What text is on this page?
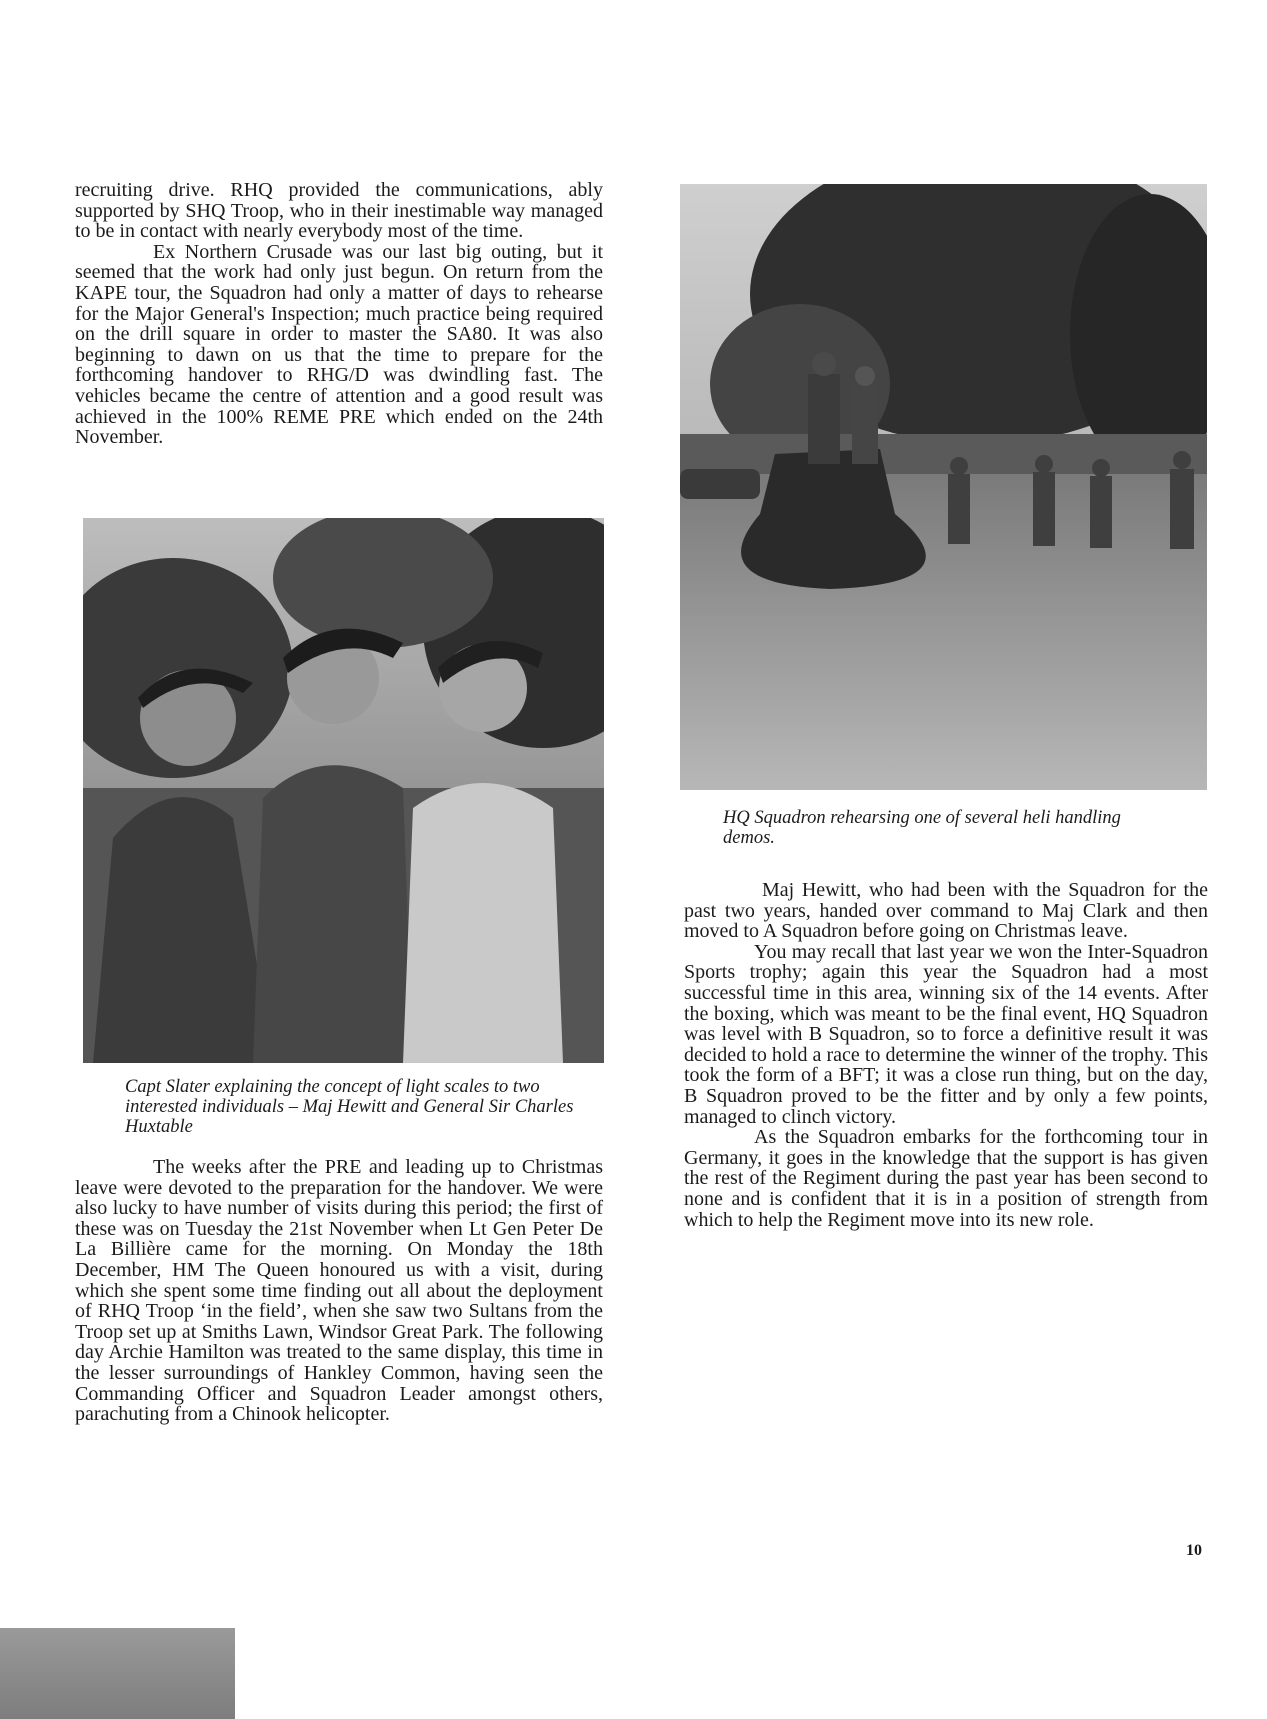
recruiting drive. RHQ provided the communications, ably supported by SHQ Troop, who in their inestimable way managed to be in contact with nearly everybody most of the time.

Ex Northern Crusade was our last big outing, but it seemed that the work had only just begun. On return from the KAPE tour, the Squadron had only a matter of days to rehearse for the Major General's Inspection; much practice being required on the drill square in order to master the SA80. It was also beginning to dawn on us that the time to prepare for the forthcoming handover to RHG/D was dwindling fast. The vehicles became the centre of attention and a good result was achieved in the 100% REME PRE which ended on the 24th November.

HQ Squadron rehearsing one of several heli handling demos.
Capt Slater explaining the concept of light scales to two interested individuals – Maj Hewitt and General Sir Charles Huxtable

The weeks after the PRE and leading up to Christmas leave were devoted to the preparation for the handover. We were also lucky to have number of visits during this period; the first of these was on Tuesday the 21st November when Lt Gen Peter De La Billière came for the morning. On Monday the 18th December, HM The Queen honoured us with a visit, during which she spent some time finding out all about the deployment of RHQ Troop ‘in the field’, when she saw two Sultans from the Troop set up at Smiths Lawn, Windsor Great Park. The following day Archie Hamilton was treated to the same display, this time in the lesser surroundings of Hankley Common, having seen the Commanding Officer and Squadron Leader amongst others, parachuting from a Chinook helicopter.

Maj Hewitt, who had been with the Squadron for the past two years, handed over command to Maj Clark and then moved to A Squadron before going on Christmas leave.

You may recall that last year we won the Inter-Squadron Sports trophy; again this year the Squadron had a most successful time in this area, winning six of the 14 events. After the boxing, which was meant to be the final event, HQ Squadron was level with B Squadron, so to force a definitive result it was decided to hold a race to determine the winner of the trophy. This took the form of a BFT; it was a close run thing, but on the day, B Squadron proved to be the fitter and by only a few points, managed to clinch victory.

As the Squadron embarks for the forthcoming tour in Germany, it goes in the knowledge that the support is has given the rest of the Regiment during the past year has been second to none and is confident that it is in a position of strength from which to help the Regiment move into its new role.

10
